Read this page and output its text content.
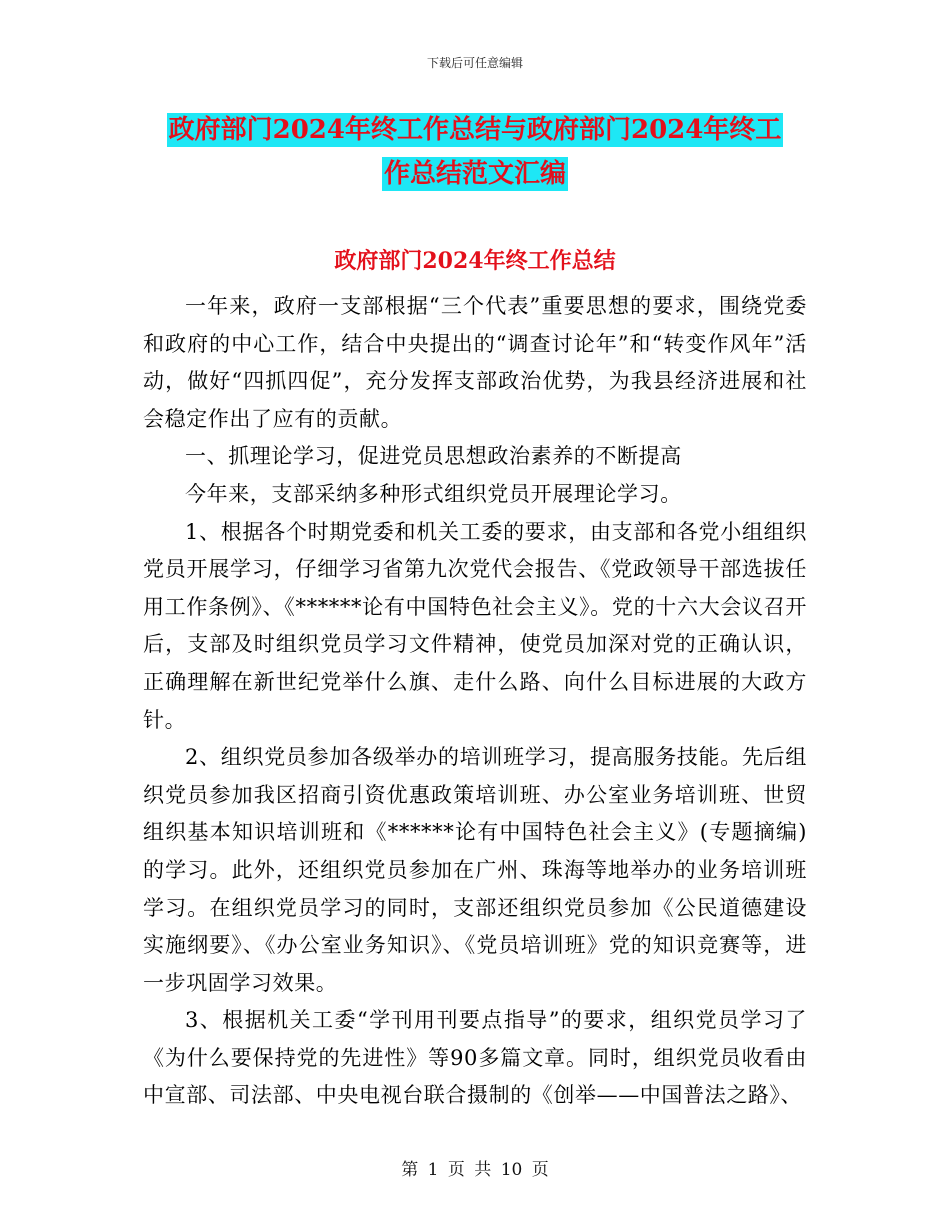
下载后可任意编辑
政府部门2024年终工作总结与政府部门2024年终工
作总结范文汇编
政府部门2024年终工作总结

一年来，政府一支部根据“三个代表”重要思想的要求，围绕党委和政府的中心工作，结合中央提出的“调查讨论年”和“转变作风年”活动，做好“四抓四促”，充分发挥支部政治优势，为我县经济进展和社会稳定作出了应有的贡献。

一、抓理论学习，促进党员思想政治素养的不断提高

今年来，支部采纳多种形式组织党员开展理论学习。

1、根据各个时期党委和机关工委的要求，由支部和各党小组组织党员开展学习，仔细学习省第九次党代会报告、《党政领导干部选拔任用工作条例》、《******论有中国特色社会主义》。党的十六大会议召开后，支部及时组织党员学习文件精神，使党员加深对党的正确认识，正确理解在新世纪党举什么旗、走什么路、向什么目标进展的大政方针。

2、组织党员参加各级举办的培训班学习，提高服务技能。先后组织党员参加我区招商引资优惠政策培训班、办公室业务培训班、世贸组织基本知识培训班和《******论有中国特色社会主义》(专题摘编)的学习。此外，还组织党员参加在广州、珠海等地举办的业务培训班学习。在组织党员学习的同时，支部还组织党员参加《公民道德建设实施纲要》、《办公室业务知识》、《党员培训班》党的知识竞赛等，进一步巩固学习效果。

3、根据机关工委“学刊用刊要点指导”的要求，组织党员学习了《为什么要保持党的先进性》等90多篇文章。同时，组织党员收看由中宣部、司法部、中央电视台联合摄制的《创举——中国普法之路》、

第 1 页 共 10 页
